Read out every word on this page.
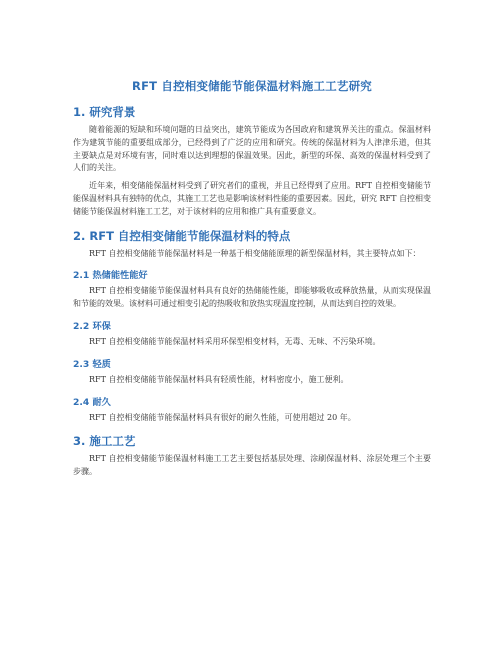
RFT 自控相变储能节能保温材料施工工艺研究
1. 研究背景

随着能源的短缺和环境问题的日益突出，建筑节能成为各国政府和建筑界关注的重点。保温材料作为建筑节能的重要组成部分，已经得到了广泛的应用和研究。传统的保温材料为人津津乐道，但其主要缺点是对环境有害，同时难以达到理想的保温效果。因此，新型的环保、高效的保温材料受到了人们的关注。

近年来，相变储能保温材料受到了研究者们的重视，并且已经得到了应用。RFT 自控相变储能节能保温材料具有独特的优点，其施工工艺也是影响该材料性能的重要因素。因此，研究 RFT 自控相变储能节能保温材料施工工艺，对于该材料的应用和推广具有重要意义。

2. RFT 自控相变储能节能保温材料的特点

RFT 自控相变储能节能保温材料是一种基于相变储能原理的新型保温材料，其主要特点如下：

2.1 热储能性能好

RFT 自控相变储能节能保温材料具有良好的热储能性能，即能够吸收或释放热量，从而实现保温和节能的效果。该材料可通过相变引起的热吸收和放热实现温度控制，从而达到自控的效果。

2.2 环保

RFT 自控相变储能节能保温材料采用环保型相变材料，无毒、无味、不污染环境。

2.3 轻质

RFT 自控相变储能节能保温材料具有轻质性能，材料密度小，施工便利。

2.4 耐久

RFT 自控相变储能节能保温材料具有很好的耐久性能，可使用超过 20 年。

3. 施工工艺

RFT 自控相变储能节能保温材料施工工艺主要包括基层处理、涂刷保温材料、涂层处理三个主要步骤。
